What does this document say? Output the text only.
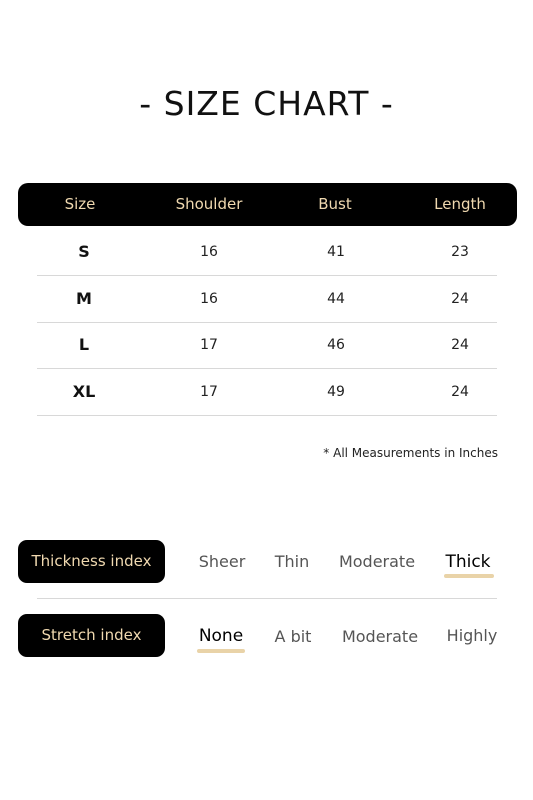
- SIZE CHART -
Size	Shoulder	Bust	Length
S	16	41	23
M	16	44	24
L	17	46	24
XL	17	49	24
* All Measurements in Inches
Thickness index	Sheer	Thin	Moderate	Thick
Stretch index	None	A bit	Moderate	Highly
